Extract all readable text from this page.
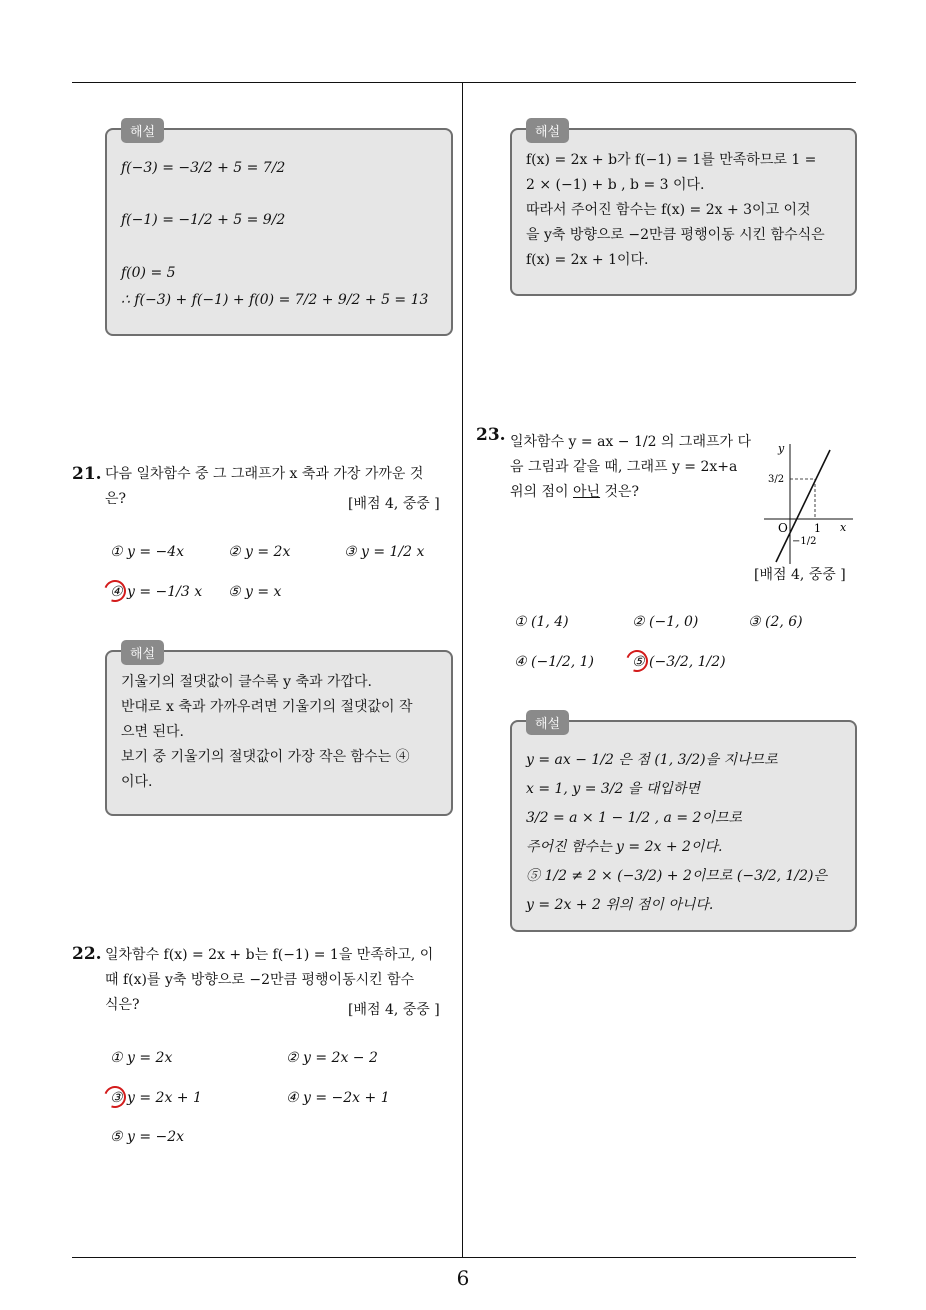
6
해설
f(−3) = −3/2 + 5 = 7/2
f(−1) = −1/2 + 5 = 9/2
f(0) = 5
∴ f(−3) + f(−1) + f(0) = 7/2 + 9/2 + 5 = 13
21. 다음 일차함수 중 그 그래프가 x 축과 가장 가까운 것
은?	[배점 4, 중중 ]
① y = −4x	② y = 2x	③ y = 1/2 x
④ y = −1/3 x ⑤ y = x
해설
기울기의 절댓값이 클수록 y 축과 가깝다.
반대로 x 축과 가까우려면 기울기의 절댓값이 작
으면 된다.
보기 중 기울기의 절댓값이 가장 작은 함수는 ④
이다.
22. 일차함수 f(x) = 2x + b는 f(−1) = 1을 만족하고, 이
때 f(x)를 y축 방향으로 −2만큼 평행이동시킨 함수
식은?	[배점 4, 중중 ]
① y = 2x	② y = 2x − 2
③ y = 2x + 1	④ y = −2x + 1
⑤ y = −2x
해설
f(x) = 2x + b가 f(−1) = 1를 만족하므로 1 =
2 × (−1) + b , b = 3 이다.
따라서 주어진 함수는 f(x) = 2x + 3이고 이것
을 y축 방향으로 −2만큼 평행이동 시킨 함수식은
f(x) = 2x + 1이다.
23. 일차함수 y = ax − 1/2 의 그래프가 다
음 그림과 같을 때, 그래프 y = 2x+a
위의 점이 아닌 것은?
y
x
O 1
3/2
−1/2
[배점 4, 중중 ]
① (1, 4)	② (−1, 0)	③ (2, 6)
④ (−1/2, 1)	⑤ (−3/2, 1/2)
해설
y = ax − 1/2 은 점 (1, 3/2)을 지나므로
x = 1, y = 3/2 을 대입하면
3/2 = a × 1 − 1/2 , a = 2이므로
주어진 함수는 y = 2x + 2이다.
⑤ 1/2 ≠ 2 × (−3/2) + 2이므로 (−3/2, 1/2)은
y = 2x + 2 위의 점이 아니다.
